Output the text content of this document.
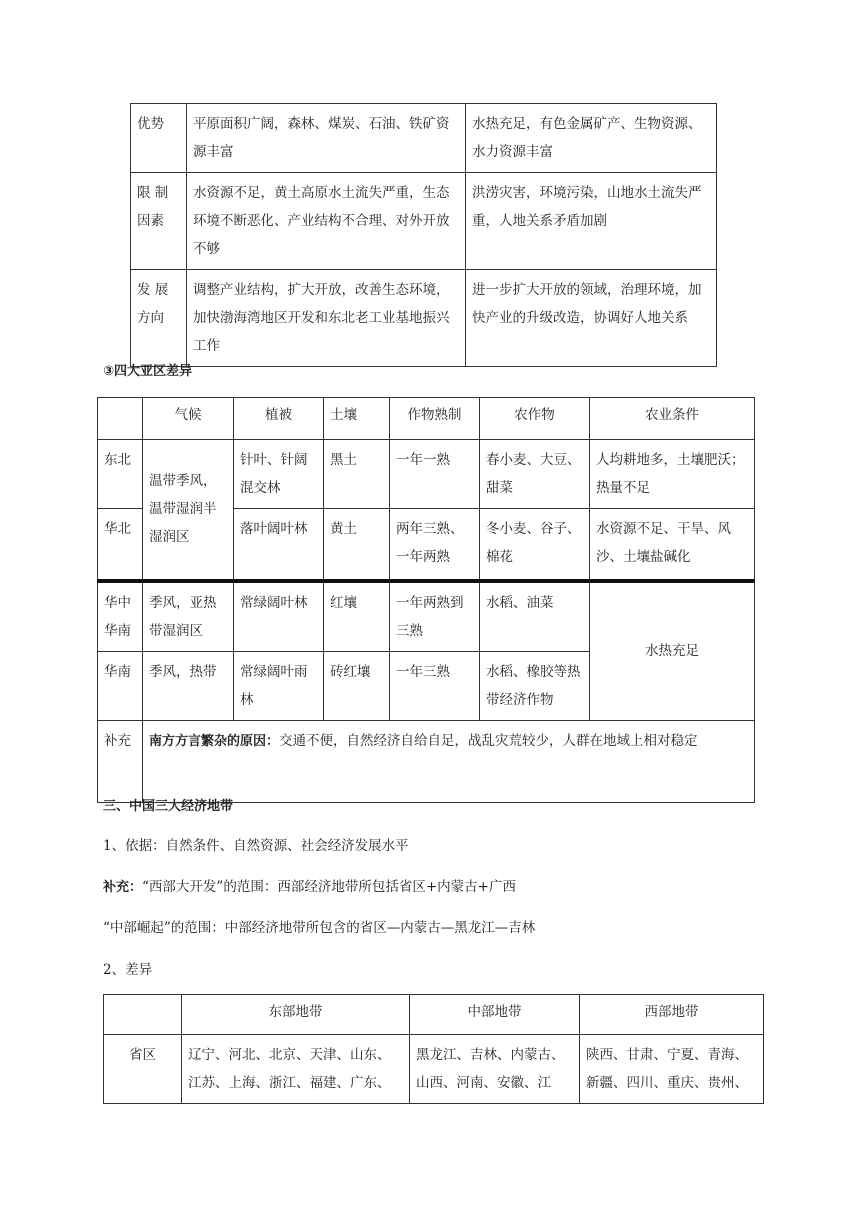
优势	平原面积广阔，森林、煤炭、石油、铁矿资源丰富	水热充足，有色金属矿产、生物资源、水力资源丰富
限 制因素	水资源不足，黄土高原水土流失严重，生态环境不断恶化、产业结构不合理、对外开放不够	洪涝灾害，环境污染，山地水土流失严重，人地关系矛盾加剧
发 展方向	调整产业结构，扩大开放，改善生态环境，加快渤海湾地区开发和东北老工业基地振兴工作	进一步扩大开放的领域，治理环境，加快产业的升级改造，协调好人地关系
③四大亚区差异
	气候	植被	土壤	作物熟制	农作物	农业条件
东北	温带季风，温带湿润半湿润区	针叶、针阔混交林	黑土	一年一熟	春小麦、大豆、甜菜	人均耕地多，土壤肥沃；热量不足
华北		落叶阔叶林	黄土	两年三熟、一年两熟	冬小麦、谷子、棉花	水资源不足、干旱、风沙、土壤盐碱化
华中华南	季风，亚热带湿润区	常绿阔叶林	红壤	一年两熟到三熟	水稻、油菜	水热充足
华南	季风，热带	常绿阔叶雨林	砖红壤	一年三熟	水稻、橡胶等热带经济作物	
补充	南方方言繁杂的原因：交通不便，自然经济自给自足，战乱灾荒较少，人群在地域上相对稳定					
三、中国三大经济地带
1、依据：自然条件、自然资源、社会经济发展水平
补充：“西部大开发”的范围：西部经济地带所包括省区+内蒙古+广西
“中部崛起”的范围：中部经济地带所包含的省区—内蒙古—黑龙江—吉林
2、差异
	东部地带	中部地带	西部地带
省区	辽宁、河北、北京、天津、山东、江苏、上海、浙江、福建、广东、	黑龙江、吉林、内蒙古、山西、河南、安徽、江	陕西、甘肃、宁夏、青海、新疆、四川、重庆、贵州、
